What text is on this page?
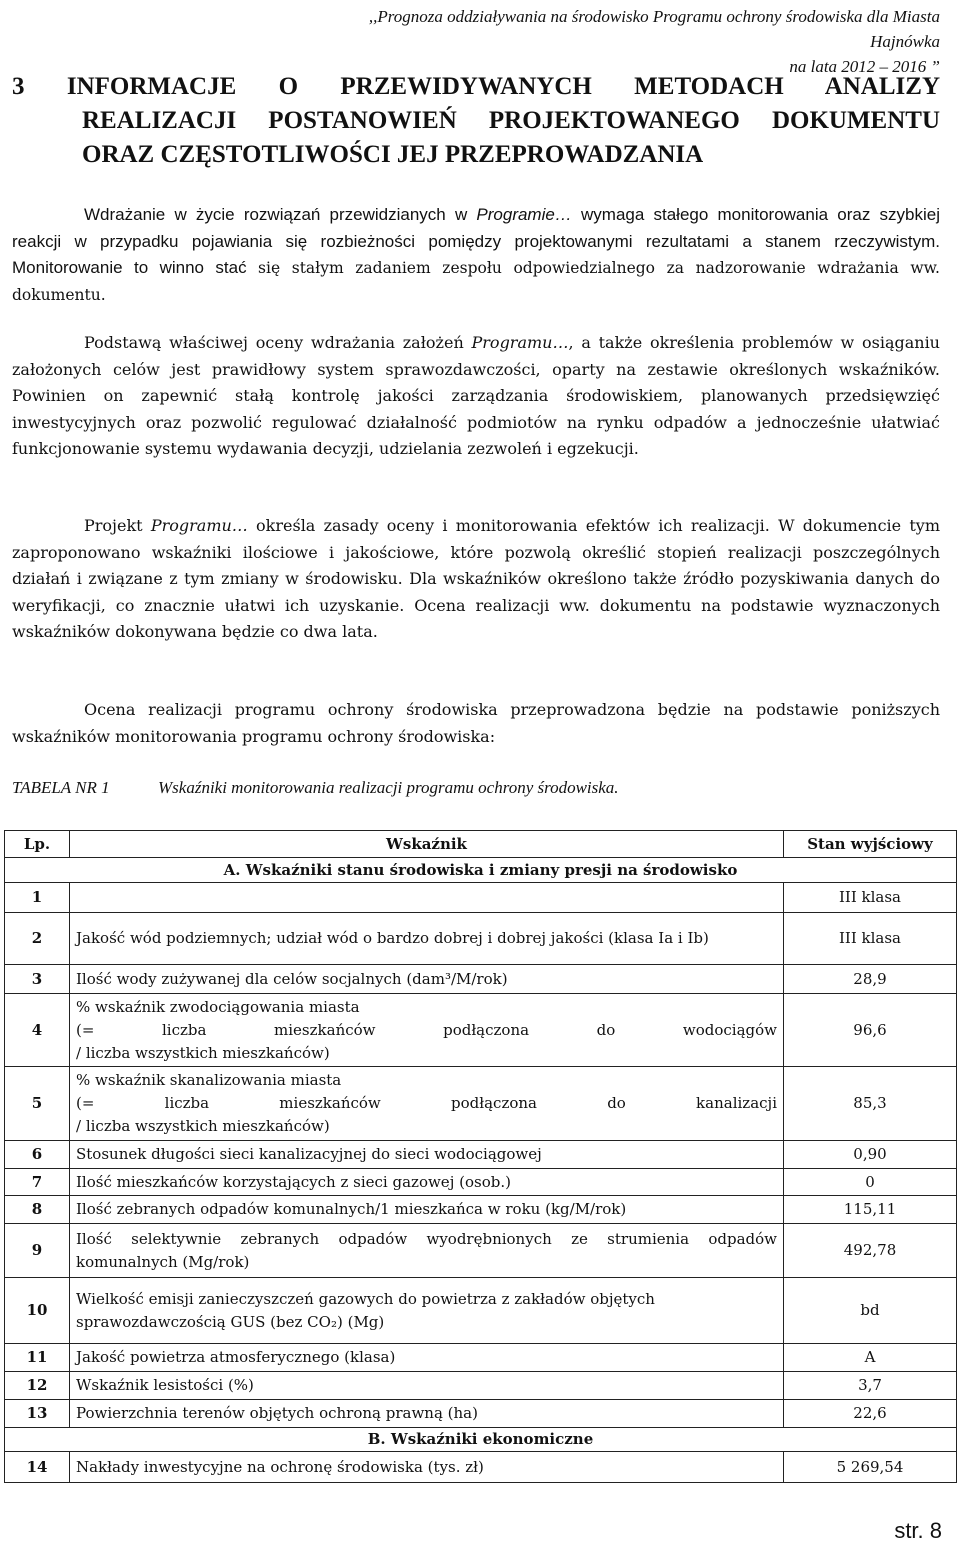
,,Prognoza oddziaływania na środowisko Programu ochrony środowiska dla Miasta Hajnówka
na lata 2012 – 2016 ”
3 INFORMACJE O PRZEWIDYWANYCH METODACH ANALIZY
REALIZACJI POSTANOWIEŃ PROJEKTOWANEGO DOKUMENTU
ORAZ CZĘSTOTLIWOŚCI JEJ PRZEPROWADZANIA
Wdrażanie w życie rozwiązań przewidzianych w Programie… wymaga stałego monitorowania oraz szybkiej reakcji w przypadku pojawiania się rozbieżności pomiędzy projektowanymi rezultatami a stanem rzeczywistym. Monitorowanie to winno stać się stałym zadaniem zespołu odpowiedzialnego za nadzorowanie wdrażania ww. dokumentu.
Podstawą właściwej oceny wdrażania założeń Programu…, a także określenia problemów w osiąganiu założonych celów jest prawidłowy system sprawozdawczości, oparty na zestawie określonych wskaźników. Powinien on zapewnić stałą kontrolę jakości zarządzania środowiskiem, planowanych przedsięwzięć inwestycyjnych oraz pozwolić regulować działalność podmiotów na rynku odpadów a jednocześnie ułatwiać funkcjonowanie systemu wydawania decyzji, udzielania zezwoleń i egzekucji.
Projekt Programu… określa zasady oceny i monitorowania efektów ich realizacji. W dokumencie tym zaproponowano wskaźniki ilościowe i jakościowe, które pozwolą określić stopień realizacji poszczególnych działań i związane z tym zmiany w środowisku. Dla wskaźników określono także źródło pozyskiwania danych do weryfikacji, co znacznie ułatwi ich uzyskanie. Ocena realizacji ww. dokumentu na podstawie wyznaczonych wskaźników dokonywana będzie co dwa lata.
Ocena realizacji programu ochrony środowiska przeprowadzona będzie na podstawie poniższych wskaźników monitorowania programu ochrony środowiska:
TABELA NR 1	Wskaźniki monitorowania realizacji programu ochrony środowiska.
Lp.	Wskaźnik	Stan wyjściowy
A. Wskaźniki stanu środowiska i zmiany presji na środowisko		
1		III klasa
2	Jakość wód podziemnych; udział wód o bardzo dobrej i dobrej jakości (klasa Ia i Ib)	III klasa
3	Ilość wody zużywanej dla celów socjalnych (dam³/M/rok)	28,9
4	% wskaźnik zwodociągowania miasta
(= liczba mieszkańców podłączona do wodociągów
/ liczba wszystkich mieszkańców)	96,6
5	% wskaźnik skanalizowania miasta
(= liczba mieszkańców podłączona do kanalizacji
/ liczba wszystkich mieszkańców)	85,3
6	Stosunek długości sieci kanalizacyjnej do sieci wodociągowej	0,90
7	Ilość mieszkańców korzystających z sieci gazowej (osob.)	0
8	Ilość zebranych odpadów komunalnych/1 mieszkańca w roku (kg/M/rok)	115,11
9	Ilość selektywnie zebranych odpadów wyodrębnionych ze strumienia odpadów komunalnych (Mg/rok)	492,78
10	Wielkość emisji zanieczyszczeń gazowych do powietrza z zakładów objętych sprawozdawczością GUS (bez CO₂) (Mg)	bd
11	Jakość powietrza atmosferycznego (klasa)	A
12	Wskaźnik lesistości (%)	3,7
13	Powierzchnia terenów objętych ochroną prawną (ha)	22,6
B. Wskaźniki ekonomiczne		
14	Nakłady inwestycyjne na ochronę środowiska (tys. zł)	5 269,54
str. 8
